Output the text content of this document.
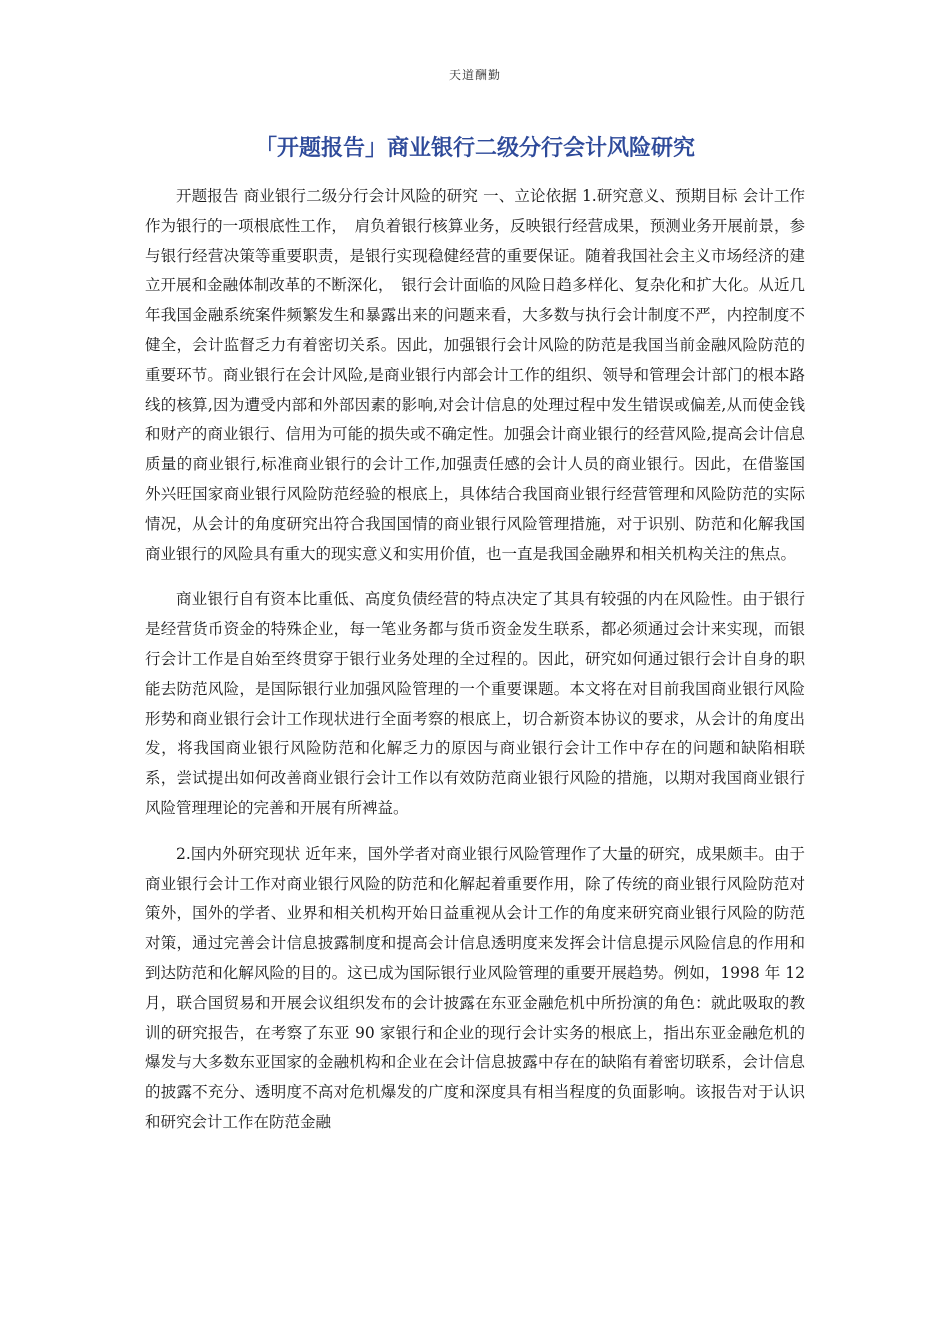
天道酬勤
「开题报告」商业银行二级分行会计风险研究

开题报告 商业银行二级分行会计风险的研究 一、立论依据 1.研究意义、预期目标 会计工作作为银行的一项根底性工作，　肩负着银行核算业务，反映银行经营成果，预测业务开展前景，参与银行经营决策等重要职责，是银行实现稳健经营的重要保证。随着我国社会主义市场经济的建立开展和金融体制改革的不断深化，　银行会计面临的风险日趋多样化、复杂化和扩大化。从近几年我国金融系统案件频繁发生和暴露出来的问题来看，大多数与执行会计制度不严，内控制度不健全，会计监督乏力有着密切关系。因此，加强银行会计风险的防范是我国当前金融风险防范的重要环节。商业银行在会计风险,是商业银行内部会计工作的组织、领导和管理会计部门的根本路线的核算,因为遭受内部和外部因素的影响,对会计信息的处理过程中发生错误或偏差,从而使金钱和财产的商业银行、信用为可能的损失或不确定性。加强会计商业银行的经营风险,提高会计信息质量的商业银行,标准商业银行的会计工作,加强责任感的会计人员的商业银行。因此，在借鉴国外兴旺国家商业银行风险防范经验的根底上，具体结合我国商业银行经营管理和风险防范的实际情况，从会计的角度研究出符合我国国情的商业银行风险管理措施，对于识别、防范和化解我国商业银行的风险具有重大的现实意义和实用价值，也一直是我国金融界和相关机构关注的焦点。

商业银行自有资本比重低、高度负债经营的特点决定了其具有较强的内在风险性。由于银行是经营货币资金的特殊企业，每一笔业务都与货币资金发生联系，都必须通过会计来实现，而银行会计工作是自始至终贯穿于银行业务处理的全过程的。因此，研究如何通过银行会计自身的职能去防范风险，是国际银行业加强风险管理的一个重要课题。本文将在对目前我国商业银行风险形势和商业银行会计工作现状进行全面考察的根底上，切合新资本协议的要求，从会计的角度出发，将我国商业银行风险防范和化解乏力的原因与商业银行会计工作中存在的问题和缺陷相联系，尝试提出如何改善商业银行会计工作以有效防范商业银行风险的措施，以期对我国商业银行风险管理理论的完善和开展有所裨益。

2.国内外研究现状 近年来，国外学者对商业银行风险管理作了大量的研究，成果颇丰。由于商业银行会计工作对商业银行风险的防范和化解起着重要作用，除了传统的商业银行风险防范对策外，国外的学者、业界和相关机构开始日益重视从会计工作的角度来研究商业银行风险的防范对策，通过完善会计信息披露制度和提高会计信息透明度来发挥会计信息提示风险信息的作用和到达防范和化解风险的目的。这已成为国际银行业风险管理的重要开展趋势。例如，1998 年 12 月，联合国贸易和开展会议组织发布的会计披露在东亚金融危机中所扮演的角色：就此吸取的教训的研究报告，在考察了东亚 90 家银行和企业的现行会计实务的根底上，指出东亚金融危机的爆发与大多数东亚国家的金融机构和企业在会计信息披露中存在的缺陷有着密切联系，会计信息的披露不充分、透明度不高对危机爆发的广度和深度具有相当程度的负面影响。该报告对于认识和研究会计工作在防范金融
